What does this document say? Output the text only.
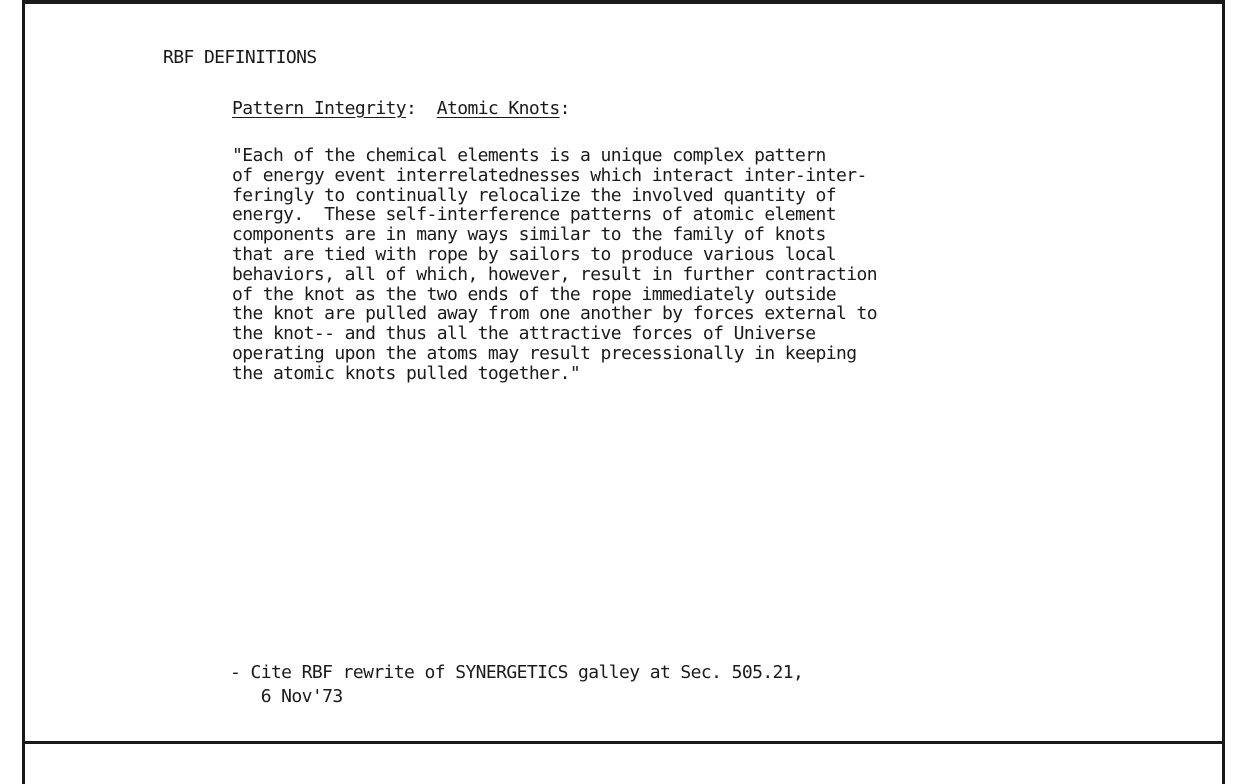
RBF DEFINITIONS
Pattern Integrity:  Atomic Knots:
"Each of the chemical elements is a unique complex pattern
of energy event interrelatednesses which interact inter-inter-
feringly to continually relocalize the involved quantity of
energy.  These self-interference patterns of atomic element
components are in many ways similar to the family of knots
that are tied with rope by sailors to produce various local
behaviors, all of which, however, result in further contraction
of the knot as the two ends of the rope immediately outside
the knot are pulled away from one another by forces external to
the knot-- and thus all the attractive forces of Universe
operating upon the atoms may result precessionally in keeping
the atomic knots pulled together."
- Cite RBF rewrite of SYNERGETICS galley at Sec. 505.21,
6 Nov'73
